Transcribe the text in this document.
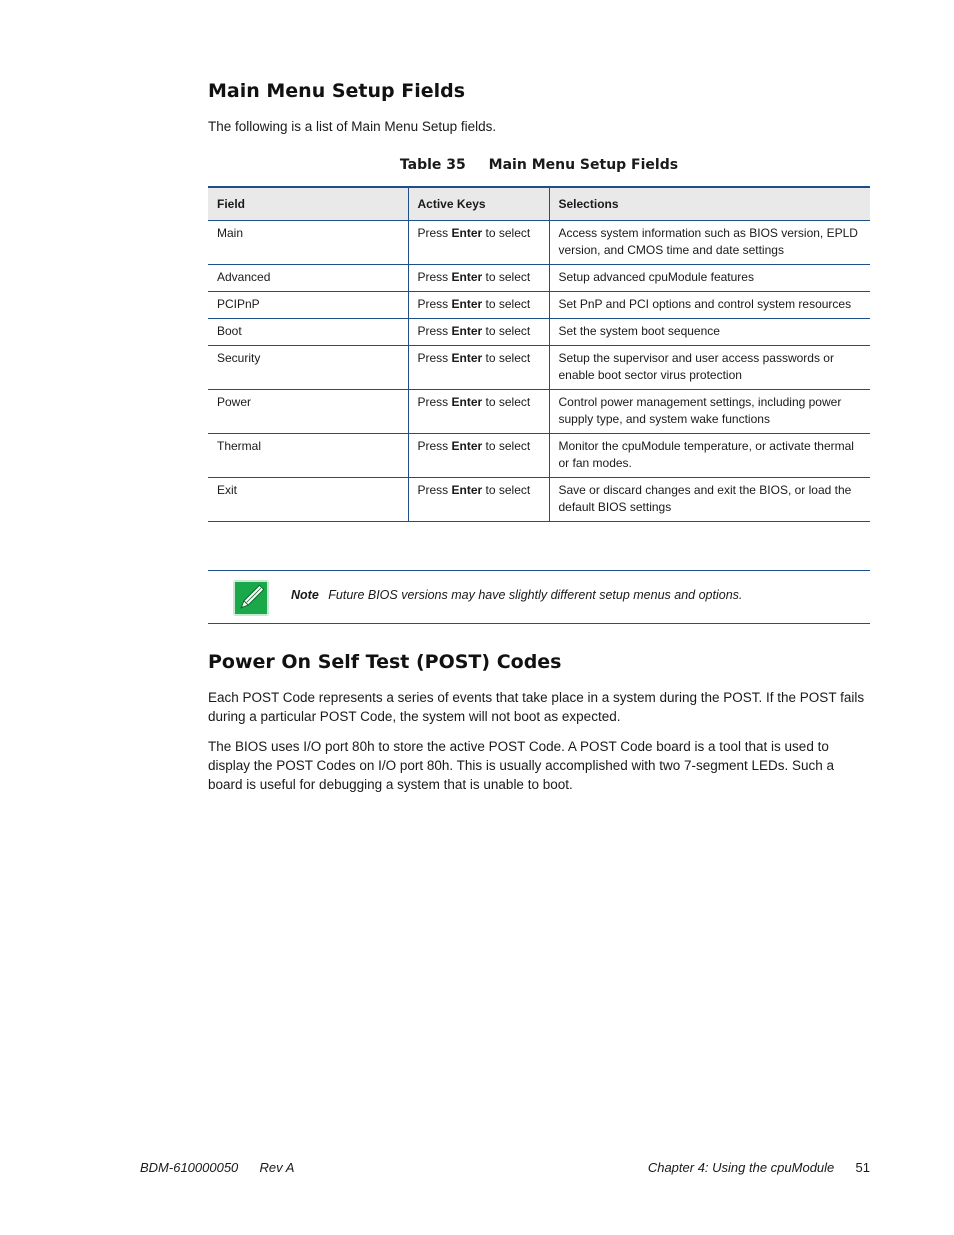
Main Menu Setup Fields

The following is a list of Main Menu Setup fields.

Table 35 Main Menu Setup Fields
Field	Active Keys	Selections
Main	Press Enter to select	Access system information such as BIOS version, EPLD version, and CMOS time and date settings
Advanced	Press Enter to select	Setup advanced cpuModule features
PCIPnP	Press Enter to select	Set PnP and PCI options and control system resources
Boot	Press Enter to select	Set the system boot sequence
Security	Press Enter to select	Setup the supervisor and user access passwords or enable boot sector virus protection
Power	Press Enter to select	Control power management settings, including power supply type, and system wake functions
Thermal	Press Enter to select	Monitor the cpuModule temperature, or activate thermal or fan modes.
Exit	Press Enter to select	Save or discard changes and exit the BIOS, or load the default BIOS settings
Note Future BIOS versions may have slightly different setup menus and options.
Power On Self Test (POST) Codes

Each POST Code represents a series of events that take place in a system during the POST. If the POST fails during a particular POST Code, the system will not boot as expected.

The BIOS uses I/O port 80h to store the active POST Code. A POST Code board is a tool that is used to display the POST Codes on I/O port 80h. This is usually accomplished with two 7-segment LEDs. Such a board is useful for debugging a system that is unable to boot.

BDM-610000050 Rev A	Chapter 4: Using the cpuModule 51
